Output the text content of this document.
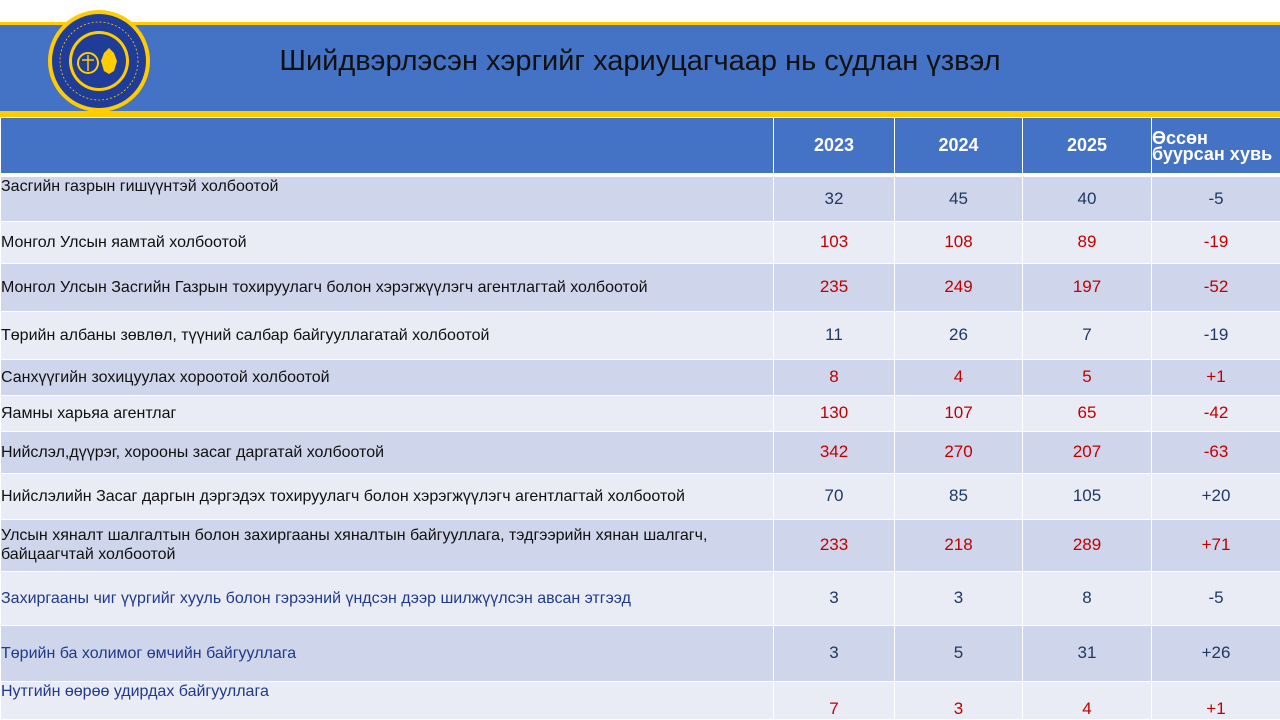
Шийдвэрлэсэн хэргийг хариуцагчаар нь судлан үзвэл
	2023	2024	2025	Өссөн буурсан хувь
Засгийн газрын гишүүнтэй холбоотой	32	45	40	-5
Монгол Улсын яамтай холбоотой	103	108	89	-19
Монгол Улсын Засгийн Газрын тохируулагч болон хэрэгжүүлэгч агентлагтай холбоотой	235	249	197	-52
Төрийн албаны зөвлөл, түүний салбар байгууллагатай холбоотой	11	26	7	-19
Санхүүгийн зохицуулах хороотой холбоотой	8	4	5	+1
Яамны харьяа агентлаг	130	107	65	-42
Нийслэл,дүүрэг, хорооны засаг даргатай холбоотой	342	270	207	-63
Нийслэлийн Засаг даргын дэргэдэх тохируулагч болон хэрэгжүүлэгч агентлагтай холбоотой	70	85	105	+20
Улсын хяналт шалгалтын болон захиргааны хяналтын байгууллага, тэдгээрийн хянан шалгагч, байцаагчтай холбоотой	233	218	289	+71
Захиргааны чиг үүргийг хууль болон гэрээний үндсэн дээр шилжүүлсэн авсан этгээд	3	3	8	-5
Төрийн ба холимог өмчийн байгууллага	3	5	31	+26
Нутгийн өөрөө удирдах байгууллага	7	3	4	+1
